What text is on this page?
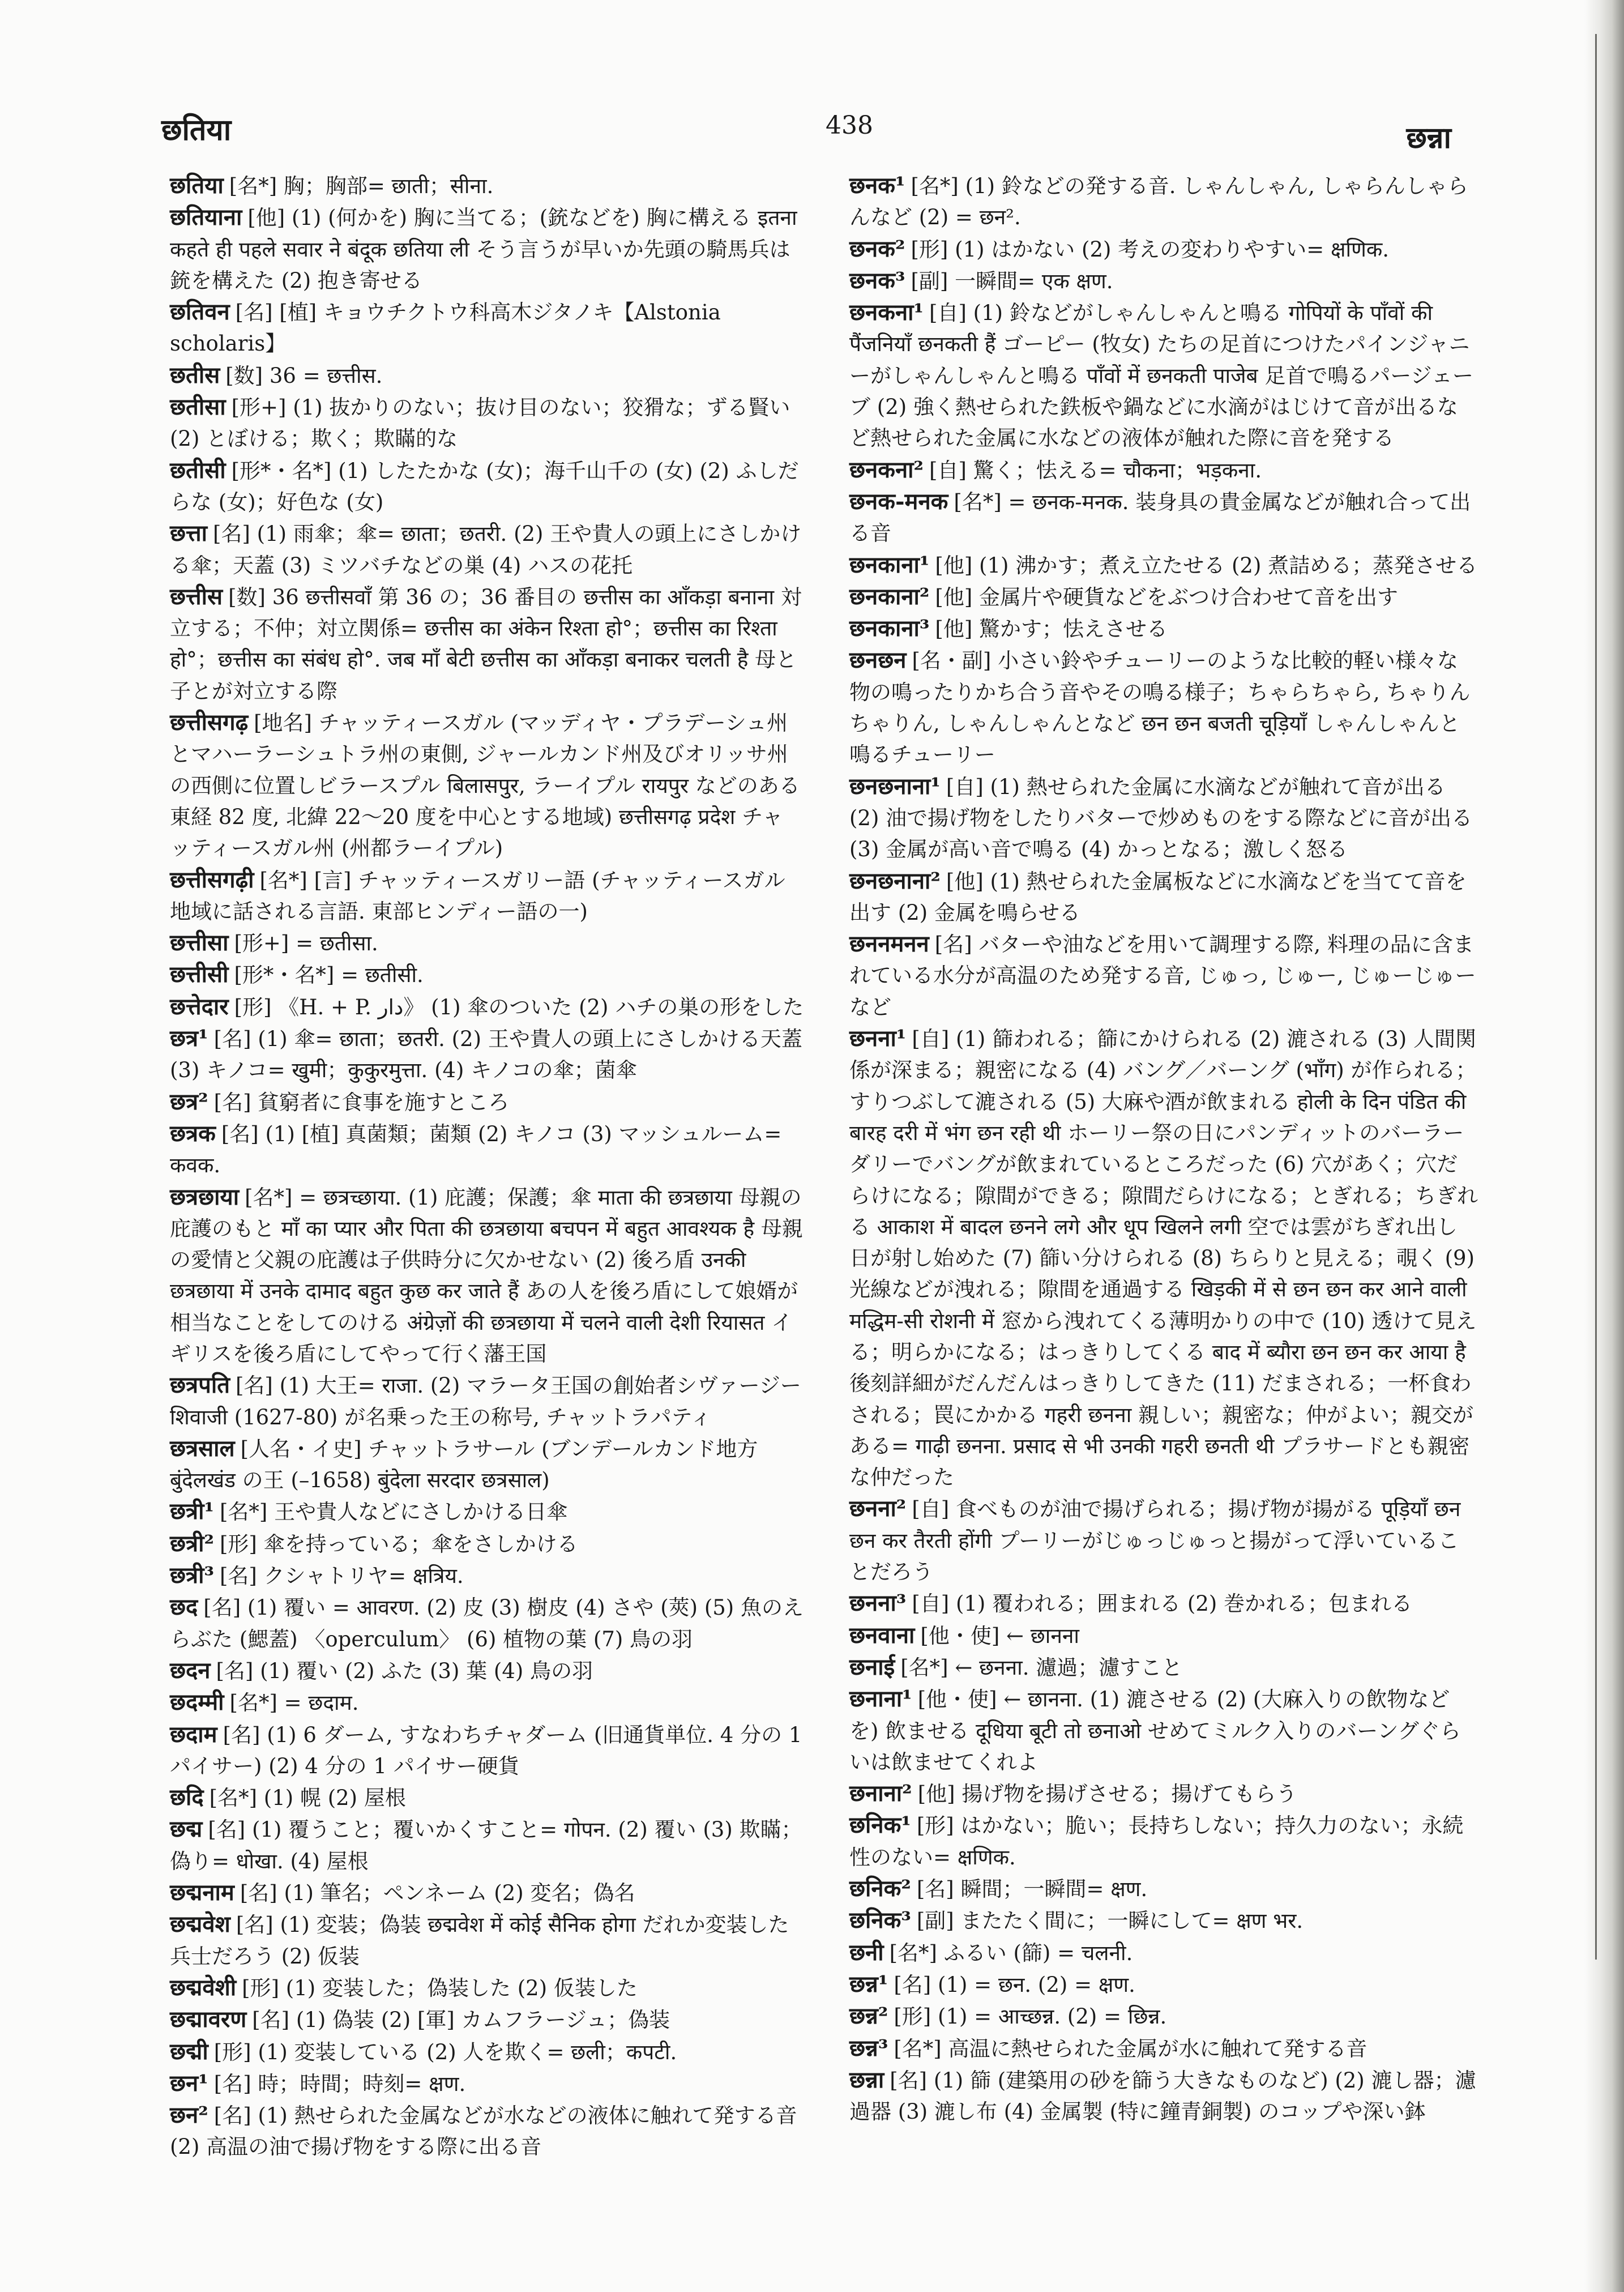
छतिया	438	छन्ना

छतिया [名*] 胸；胸部= छाती；सीना.

छतियाना [他] (1) (何かを) 胸に当てる；(銃などを) 胸に構える इतना कहते ही पहले सवार ने बंदूक छतिया ली そう言うが早いか先頭の騎馬兵は銃を構えた (2) 抱き寄せる

छतिवन [名] [植] キョウチクトウ科高木ジタノキ【Alstonia scholaris】

छतीस [数] 36 = छत्तीस.

छतीसा [形+] (1) 抜かりのない；抜け目のない；狡猾な；ずる賢い (2) とぼける；欺く；欺瞞的な

छतीसी [形*・名*] (1) したたかな (女)；海千山千の (女) (2) ふしだらな (女)；好色な (女)

छत्ता [名] (1) 雨傘；傘= छाता；छतरी. (2) 王や貴人の頭上にさしかける傘；天蓋 (3) ミツバチなどの巣 (4) ハスの花托

छत्तीस [数] 36 छत्तीसवाँ 第 36 の；36 番目の छत्तीस का आँकड़ा बनाना 対立する；不仲；対立関係= छत्तीस का अंकेन रिश्ता हो°；छत्तीस का रिश्ता हो°；छत्तीस का संबंध हो°. जब माँ बेटी छत्तीस का आँकड़ा बनाकर चलती है 母と子とが対立する際

छत्तीसगढ़ [地名] チャッティースガル (マッディヤ・プラデーシュ州とマハーラーシュトラ州の東側, ジャールカンド州及びオリッサ州の西側に位置しビラースプル बिलासपुर, ラーイプル रायपुर などのある東経 82 度, 北緯 22～20 度を中心とする地域) छत्तीसगढ़ प्रदेश チャッティースガル州 (州都ラーイプル)

छत्तीसगढ़ी [名*] [言] チャッティースガリー語 (チャッティースガル地域に話される言語. 東部ヒンディー語の一)

छत्तीसा [形+] = छतीसा.

छत्तीसी [形*・名*] = छतीसी.

छत्तेदार [形] 《H. + P. دار》 (1) 傘のついた (2) ハチの巣の形をした

छत्र¹ [名] (1) 傘= छाता；छतरी. (2) 王や貴人の頭上にさしかける天蓋 (3) キノコ= खुमी；कुकुरमुत्ता. (4) キノコの傘；菌傘

छत्र² [名] 貧窮者に食事を施すところ

छत्रक [名] (1) [植] 真菌類；菌類 (2) キノコ (3) マッシュルーム= कवक.

छत्रछाया [名*] = छत्रच्छाया. (1) 庇護；保護；傘 माता की छत्रछाया 母親の庇護のもと माँ का प्यार और पिता की छत्रछाया बचपन में बहुत आवश्यक है 母親の愛情と父親の庇護は子供時分に欠かせない (2) 後ろ盾 उनकी छत्रछाया में उनके दामाद बहुत कुछ कर जाते हैं あの人を後ろ盾にして娘婿が相当なことをしてのける अंग्रेज़ों की छत्रछाया में चलने वाली देशी रियासत イギリスを後ろ盾にしてやって行く藩王国

छत्रपति [名] (1) 大王= राजा. (2) マラータ王国の創始者シヴァージー शिवाजी (1627-80) が名乗った王の称号, チャットラパティ

छत्रसाल [人名・イ史] チャットラサール (ブンデールカンド地方 बुंदेलखंड の王 (–1658) बुंदेला सरदार छत्रसाल)

छत्री¹ [名*] 王や貴人などにさしかける日傘

छत्री² [形] 傘を持っている；傘をさしかける

छत्री³ [名] クシャトリヤ= क्षत्रिय.

छद [名] (1) 覆い = आवरण. (2) 皮 (3) 樹皮 (4) さや (莢) (5) 魚のえらぶた (鰓蓋) 〈operculum〉 (6) 植物の葉 (7) 鳥の羽

छदन [名] (1) 覆い (2) ふた (3) 葉 (4) 鳥の羽

छदम्मी [名*] = छदाम.

छदाम [名] (1) 6 ダーム, すなわちチャダーム (旧通貨単位. 4 分の 1 パイサー) (2) 4 分の 1 パイサー硬貨

छदि [名*] (1) 幌 (2) 屋根

छद्म [名] (1) 覆うこと；覆いかくすこと= गोपन. (2) 覆い (3) 欺瞞；偽り= धोखा. (4) 屋根

छद्मनाम [名] (1) 筆名；ペンネーム (2) 変名；偽名

छद्मवेश [名] (1) 変装；偽装 छद्मवेश में कोई सैनिक होगा だれか変装した兵士だろう (2) 仮装

छद्मवेशी [形] (1) 変装した；偽装した (2) 仮装した

छद्मावरण [名] (1) 偽装 (2) [軍] カムフラージュ；偽装

छद्मी [形] (1) 変装している (2) 人を欺く= छली；कपटी.

छन¹ [名] 時；時間；時刻= क्षण.

छन² [名] (1) 熱せられた金属などが水などの液体に触れて発する音 (2) 高温の油で揚げ物をする際に出る音

छनक¹ [名*] (1) 鈴などの発する音. しゃんしゃん, しゃらんしゃらんなど (2) = छन².

छनक² [形] (1) はかない (2) 考えの変わりやすい= क्षणिक.

छनक³ [副] 一瞬間= एक क्षण.

छनकना¹ [自] (1) 鈴などがしゃんしゃんと鳴る गोपियों के पाँवों की पैंजनियाँ छनकती हैं ゴーピー (牧女) たちの足首につけたパインジャニーがしゃんしゃんと鳴る पाँवों में छनकती पाजेब 足首で鳴るパージェーブ (2) 強く熱せられた鉄板や鍋などに水滴がはじけて音が出るなど熱せられた金属に水などの液体が触れた際に音を発する

छनकना² [自] 驚く；怯える= चौकना；भड़कना.

छनक-मनक [名*] = छनक-मनक. 装身具の貴金属などが触れ合って出る音

छनकाना¹ [他] (1) 沸かす；煮え立たせる (2) 煮詰める；蒸発させる

छनकाना² [他] 金属片や硬貨などをぶつけ合わせて音を出す

छनकाना³ [他] 驚かす；怯えさせる

छनछन [名・副] 小さい鈴やチューリーのような比較的軽い様々な物の鳴ったりかち合う音やその鳴る様子；ちゃらちゃら, ちゃりんちゃりん, しゃんしゃんとなど छन छन बजती चूड़ियाँ しゃんしゃんと鳴るチューリー

छनछनाना¹ [自] (1) 熱せられた金属に水滴などが触れて音が出る (2) 油で揚げ物をしたりバターで炒めものをする際などに音が出る (3) 金属が高い音で鳴る (4) かっとなる；激しく怒る

छनछनाना² [他] (1) 熱せられた金属板などに水滴などを当てて音を出す (2) 金属を鳴らせる

छननमनन [名] バターや油などを用いて調理する際, 料理の品に含まれている水分が高温のため発する音, じゅっ, じゅー, じゅーじゅーなど

छनना¹ [自] (1) 篩われる；篩にかけられる (2) 漉される (3) 人間関係が深まる；親密になる (4) バング／バーング (भाँग) が作られる；すりつぶして漉される (5) 大麻や酒が飲まれる होली के दिन पंडित की बारह दरी में भंग छन रही थी ホーリー祭の日にパンディットのバーラーダリーでバングが飲まれているところだった (6) 穴があく；穴だらけになる；隙間ができる；隙間だらけになる；とぎれる；ちぎれる आकाश में बादल छनने लगे और धूप खिलने लगी 空では雲がちぎれ出し日が射し始めた (7) 篩い分けられる (8) ちらりと見える；覗く (9) 光線などが洩れる；隙間を通過する खिड़की में से छन छन कर आने वाली मद्धिम-सी रोशनी में 窓から洩れてくる薄明かりの中で (10) 透けて見える；明らかになる；はっきりしてくる बाद में ब्यौरा छन छन कर आया है 後刻詳細がだんだんはっきりしてきた (11) だまされる；一杯食わされる；罠にかかる गहरी छनना 親しい；親密な；仲がよい；親交がある= गाढ़ी छनना. प्रसाद से भी उनकी गहरी छनती थी プラサードとも親密な仲だった

छनना² [自] 食べものが油で揚げられる；揚げ物が揚がる पूड़ियाँ छन छन कर तैरती होंगी プーリーがじゅっじゅっと揚がって浮いていることだろう

छनना³ [自] (1) 覆われる；囲まれる (2) 巻かれる；包まれる

छनवाना [他・使] ← छानना

छनाई [名*] ← छनना. 濾過；濾すこと

छनाना¹ [他・使] ← छानना. (1) 漉させる (2) (大麻入りの飲物などを) 飲ませる दूधिया बूटी तो छनाओ せめてミルク入りのバーングぐらいは飲ませてくれよ

छनाना² [他] 揚げ物を揚げさせる；揚げてもらう

छनिक¹ [形] はかない；脆い；長持ちしない；持久力のない；永続性のない= क्षणिक.

छनिक² [名] 瞬間；一瞬間= क्षण.

छनिक³ [副] またたく間に；一瞬にして= क्षण भर.

छनी [名*] ふるい (篩) = चलनी.

छन्न¹ [名] (1) = छन. (2) = क्षण.

छन्न² [形] (1) = आच्छन्न. (2) = छिन्न.

छन्न³ [名*] 高温に熱せられた金属が水に触れて発する音

छन्ना [名] (1) 篩 (建築用の砂を篩う大きなものなど) (2) 漉し器；濾過器 (3) 漉し布 (4) 金属製 (特に鐘青銅製) のコップや深い鉢
